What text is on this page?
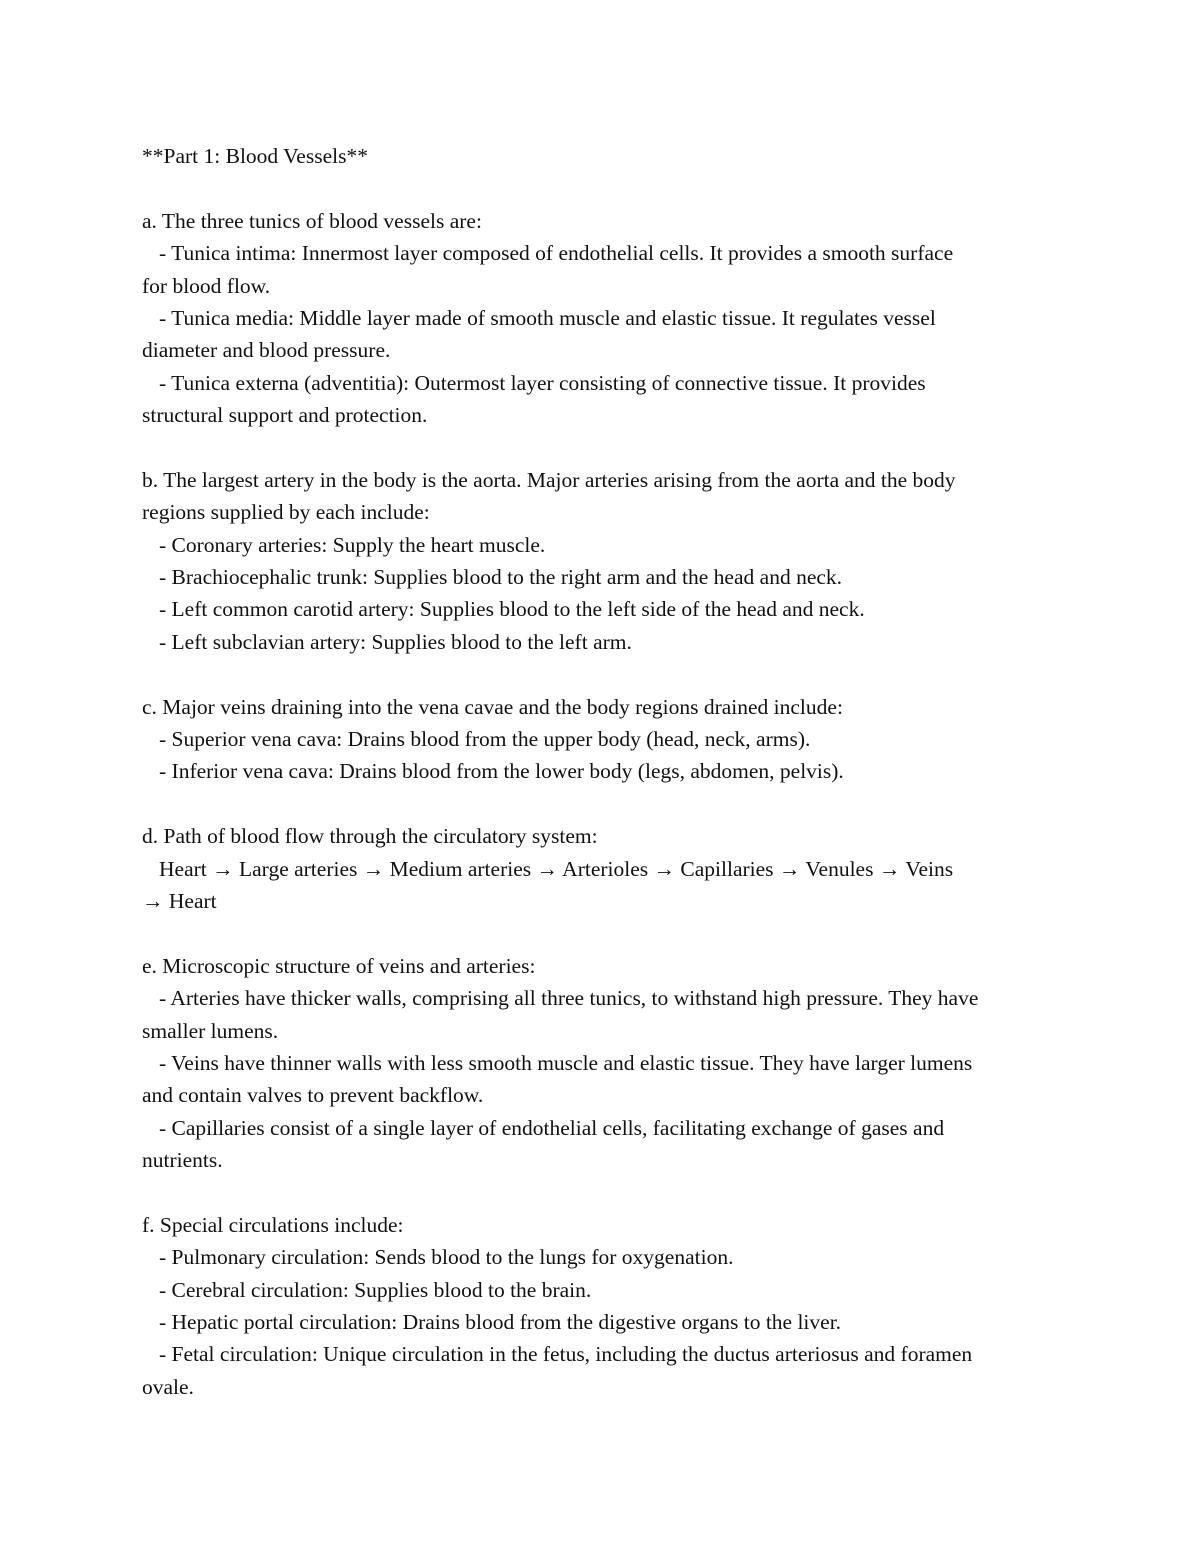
**Part 1: Blood Vessels**
a. The three tunics of blood vessels are:
- Tunica intima: Innermost layer composed of endothelial cells. It provides a smooth surface
for blood flow.
- Tunica media: Middle layer made of smooth muscle and elastic tissue. It regulates vessel
diameter and blood pressure.
- Tunica externa (adventitia): Outermost layer consisting of connective tissue. It provides
structural support and protection.
b. The largest artery in the body is the aorta. Major arteries arising from the aorta and the body
regions supplied by each include:
- Coronary arteries: Supply the heart muscle.
- Brachiocephalic trunk: Supplies blood to the right arm and the head and neck.
- Left common carotid artery: Supplies blood to the left side of the head and neck.
- Left subclavian artery: Supplies blood to the left arm.
c. Major veins draining into the vena cavae and the body regions drained include:
- Superior vena cava: Drains blood from the upper body (head, neck, arms).
- Inferior vena cava: Drains blood from the lower body (legs, abdomen, pelvis).
d. Path of blood flow through the circulatory system:
Heart → Large arteries → Medium arteries → Arterioles → Capillaries → Venules → Veins
→ Heart
e. Microscopic structure of veins and arteries:
- Arteries have thicker walls, comprising all three tunics, to withstand high pressure. They have
smaller lumens.
- Veins have thinner walls with less smooth muscle and elastic tissue. They have larger lumens
and contain valves to prevent backflow.
- Capillaries consist of a single layer of endothelial cells, facilitating exchange of gases and
nutrients.
f. Special circulations include:
- Pulmonary circulation: Sends blood to the lungs for oxygenation.
- Cerebral circulation: Supplies blood to the brain.
- Hepatic portal circulation: Drains blood from the digestive organs to the liver.
- Fetal circulation: Unique circulation in the fetus, including the ductus arteriosus and foramen
ovale.
